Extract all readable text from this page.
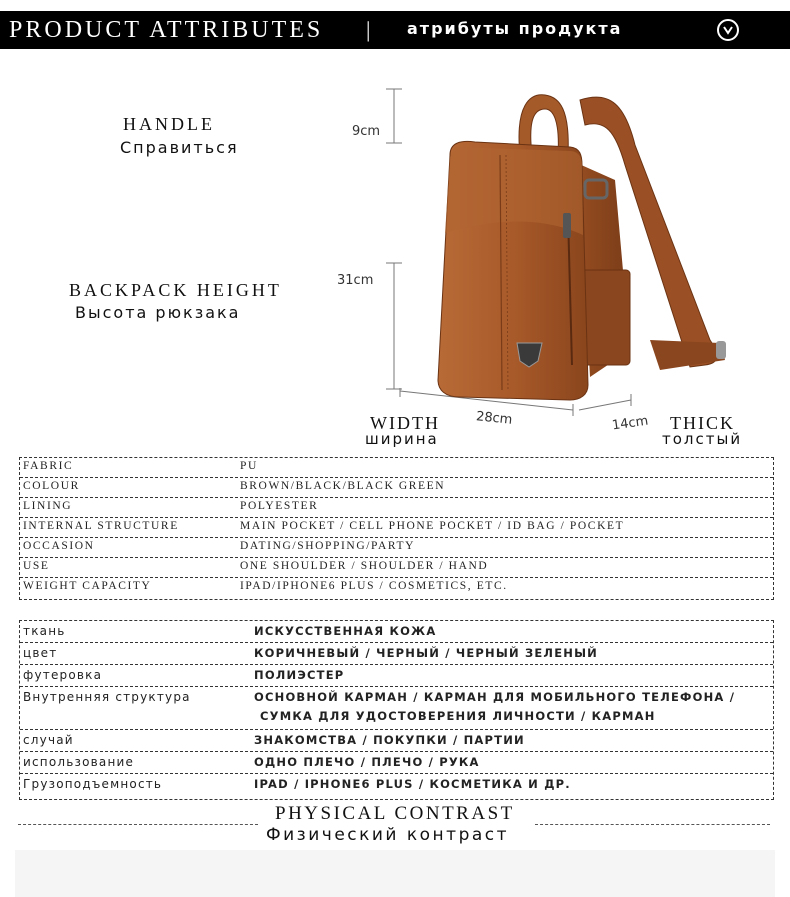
PRODUCT ATTRIBUTES | атрибуты продукта
HANDLE
Справиться
BACKPACK HEIGHT
Высота рюкзака
9cm
31cm
28cm	14cm
WIDTH
ширина
THICK
толстый
FABRIC	PU
COLOUR	BROWN/BLACK/BLACK GREEN
LINING	POLYESTER
INTERNAL STRUCTURE	MAIN POCKET / CELL PHONE POCKET / ID BAG / POCKET
OCCASION	DATING/SHOPPING/PARTY
USE	ONE SHOULDER / SHOULDER / HAND
WEIGHT CAPACITY	IPAD/IPHONE6 PLUS / COSMETICS, ETC.
ткань	ИСКУССТВЕННАЯ КОЖА
цвет	КОРИЧНЕВЫЙ / ЧЕРНЫЙ / ЧЕРНЫЙ ЗЕЛЕНЫЙ
футеровка	ПОЛИЭСТЕР
Внутренняя структура	ОСНОВНОЙ КАРМАН / КАРМАН ДЛЯ МОБИЛЬНОГО ТЕЛЕФОНА /
СУМКА ДЛЯ УДОСТОВЕРЕНИЯ ЛИЧНОСТИ / КАРМАН
случай	ЗНАКОМСТВА / ПОКУПКИ / ПАРТИИ
использование	ОДНО ПЛЕЧО / ПЛЕЧО / РУКА
Грузоподъемность	IPAD / IPHONE6 PLUS / КОСМЕТИКА И ДР.
PHYSICAL CONTRAST
Физический контраст
